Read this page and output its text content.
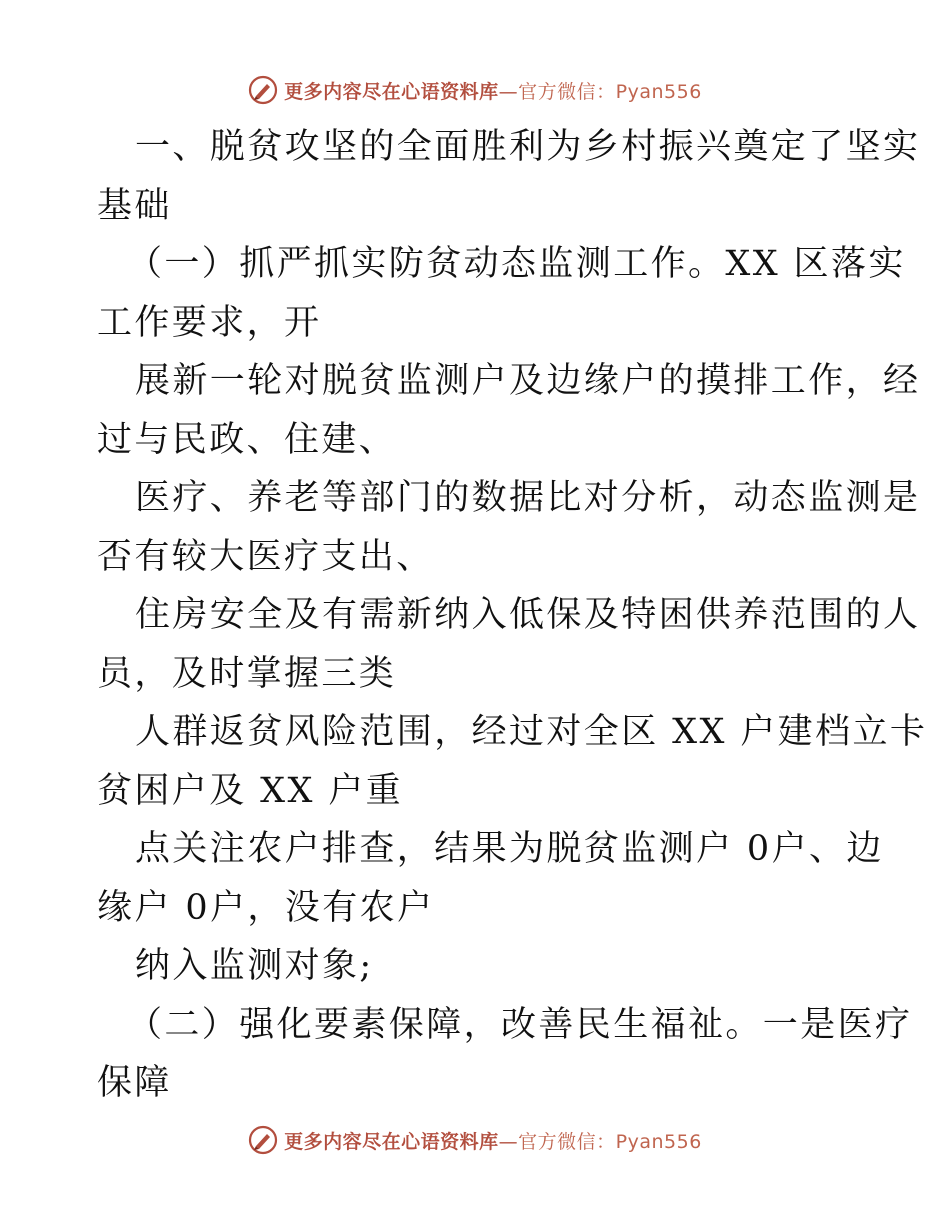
更多内容尽在心语资料库—官方微信：Pyan556
一、脱贫攻坚的全面胜利为乡村振兴奠定了坚实
基础
（一）抓严抓实防贫动态监测工作。XX 区落实
工作要求，开
展新一轮对脱贫监测户及边缘户的摸排工作，经
过与民政、住建、
医疗、养老等部门的数据比对分析，动态监测是
否有较大医疗支出、
住房安全及有需新纳入低保及特困供养范围的人
员，及时掌握三类
人群返贫风险范围，经过对全区 XX 户建档立卡
贫困户及 XX 户重
点关注农户排查，结果为脱贫监测户 0户、边
缘户 0户，没有农户
纳入监测对象;
（二）强化要素保障，改善民生福祉。一是医疗
保障
更多内容尽在心语资料库—官方微信：Pyan556
